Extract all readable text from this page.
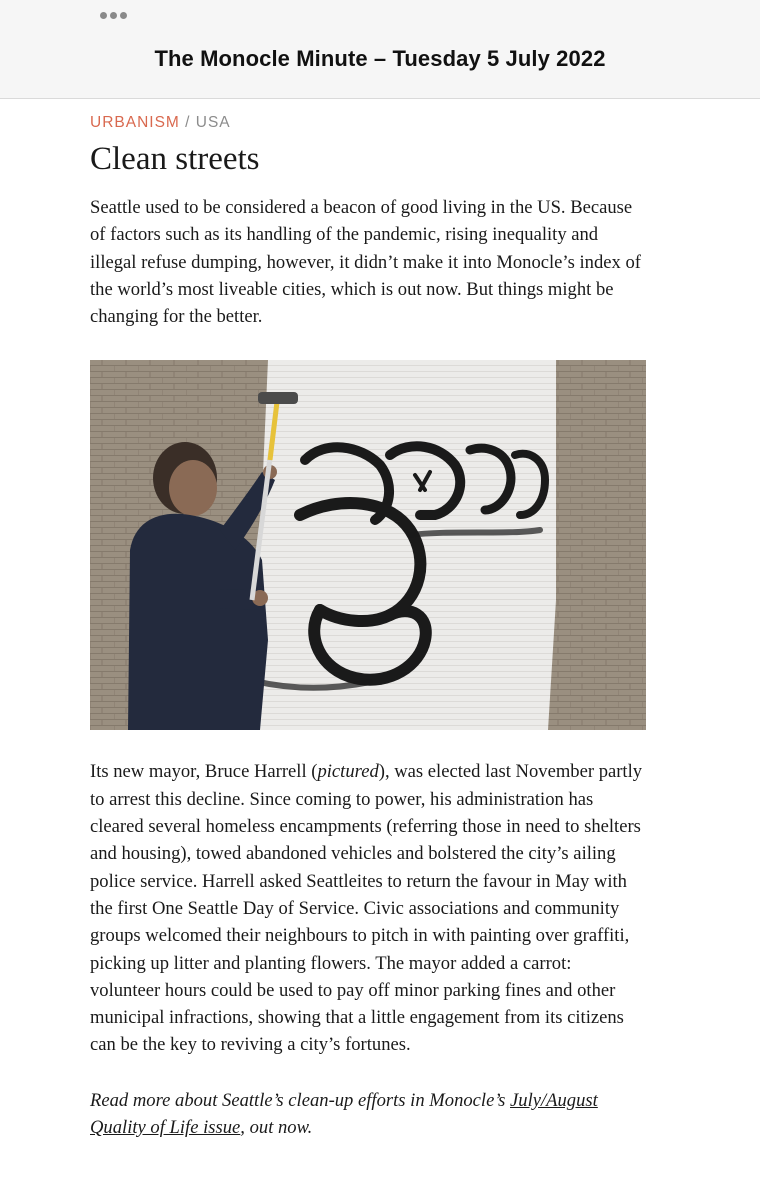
The Monocle Minute – Tuesday 5 July 2022

URBANISM / USA

Clean streets

Seattle used to be considered a beacon of good living in the US. Because of factors such as its handling of the pandemic, rising inequality and illegal refuse dumping, however, it didn’t make it into Monocle’s index of the world’s most liveable cities, which is out now. But things might be changing for the better.

Its new mayor, Bruce Harrell (pictured), was elected last November partly to arrest this decline. Since coming to power, his administration has cleared several homeless encampments (referring those in need to shelters and housing), towed abandoned vehicles and bolstered the city’s ailing police service. Harrell asked Seattleites to return the favour in May with the first One Seattle Day of Service. Civic associations and community groups welcomed their neighbours to pitch in with painting over graffiti, picking up litter and planting flowers. The mayor added a carrot: volunteer hours could be used to pay off minor parking fines and other municipal infractions, showing that a little engagement from its citizens can be the key to reviving a city’s fortunes.

Read more about Seattle’s clean-up efforts in Monocle’s July/August Quality of Life issue, out now.
